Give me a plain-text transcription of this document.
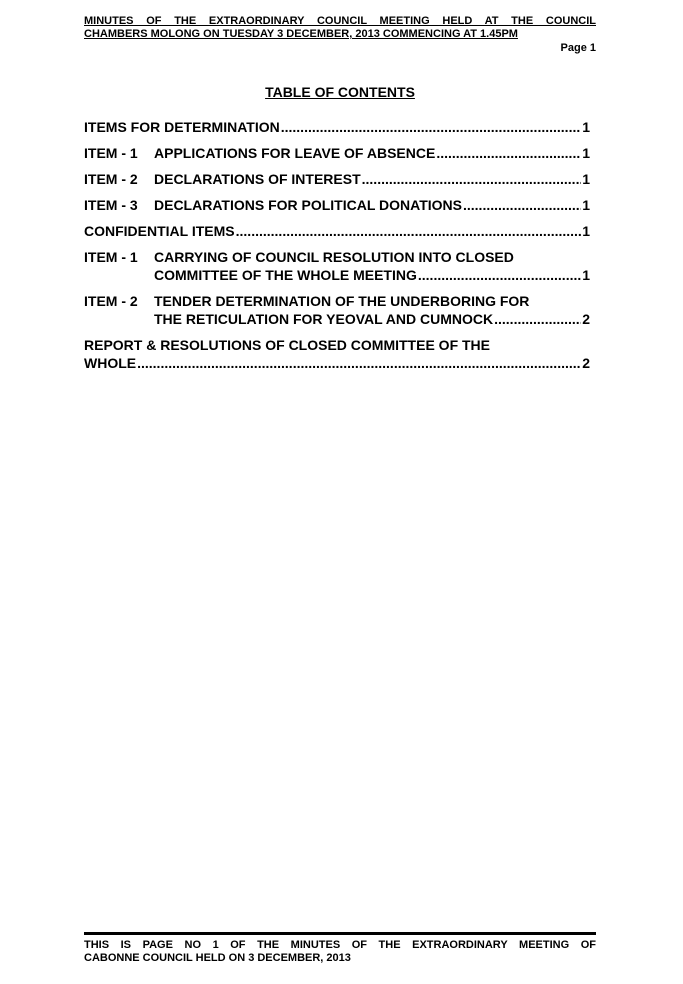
MINUTES OF THE EXTRAORDINARY COUNCIL MEETING HELD AT THE COUNCIL
CHAMBERS MOLONG ON TUESDAY 3 DECEMBER, 2013 COMMENCING AT 1.45PM
Page 1
TABLE OF CONTENTS
ITEMS FOR DETERMINATION .....	1
ITEM - 1	APPLICATIONS FOR LEAVE OF ABSENCE .....	1
ITEM - 2	DECLARATIONS OF INTEREST .....	1
ITEM - 3	DECLARATIONS FOR POLITICAL DONATIONS .....	1
CONFIDENTIAL ITEMS .....	1
ITEM - 1	CARRYING OF COUNCIL RESOLUTION INTO CLOSED
COMMITTEE OF THE WHOLE MEETING .....	1
ITEM - 2	TENDER DETERMINATION OF THE UNDERBORING FOR
THE RETICULATION FOR YEOVAL AND CUMNOCK .....	2
REPORT & RESOLUTIONS OF CLOSED COMMITTEE OF THE
WHOLE .....	2
THIS IS PAGE NO 1 OF THE MINUTES OF THE EXTRAORDINARY MEETING OF
CABONNE COUNCIL HELD ON 3 DECEMBER, 2013
